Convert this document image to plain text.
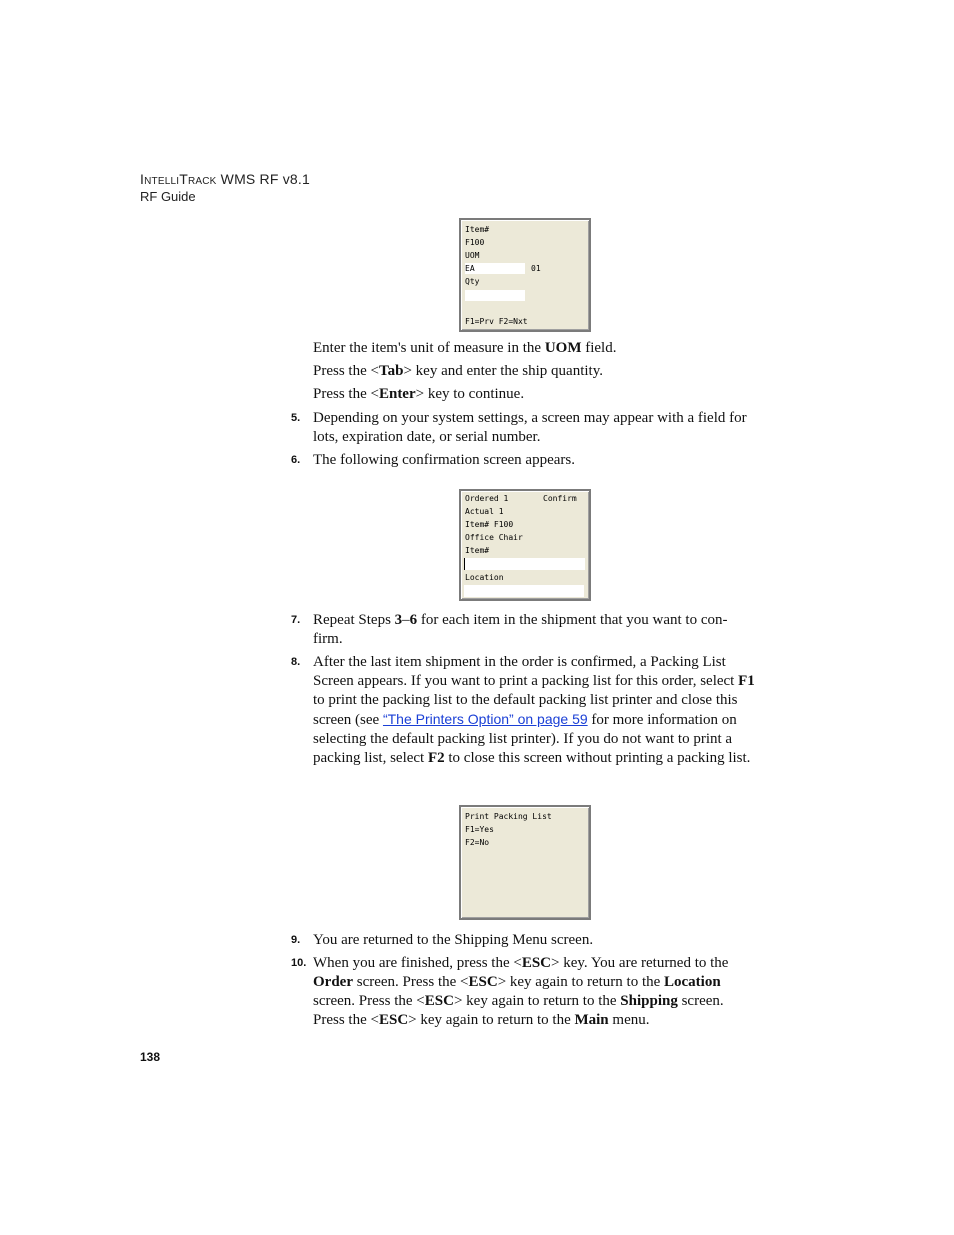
IntelliTrack WMS RF v8.1
RF Guide
Item#
F100
UOM
EA	01
Qty
F1=Prv F2=Nxt
Enter the item's unit of measure in the UOM field.
Press the <Tab> key and enter the ship quantity.
Press the <Enter> key to continue.
5. Depending on your system settings, a screen may appear with a field for lots, expiration date, or serial number.
6. The following confirmation screen appears.
Ordered 1	Confirm
Actual 1
Item# F100
Office Chair
Item#
Location
7. Repeat Steps 3–6 for each item in the shipment that you want to con-firm.
8. After the last item shipment in the order is confirmed, a Packing List Screen appears. If you want to print a packing list for this order, select F1 to print the packing list to the default packing list printer and close this screen (see “The Printers Option” on page 59 for more information on selecting the default packing list printer). If you do not want to print a packing list, select F2 to close this screen without printing a packing list.
Print Packing List
F1=Yes
F2=No
9. You are returned to the Shipping Menu screen.
10. When you are finished, press the <ESC> key. You are returned to the Order screen. Press the <ESC> key again to return to the Location screen. Press the <ESC> key again to return to the Shipping screen. Press the <ESC> key again to return to the Main menu.
138
